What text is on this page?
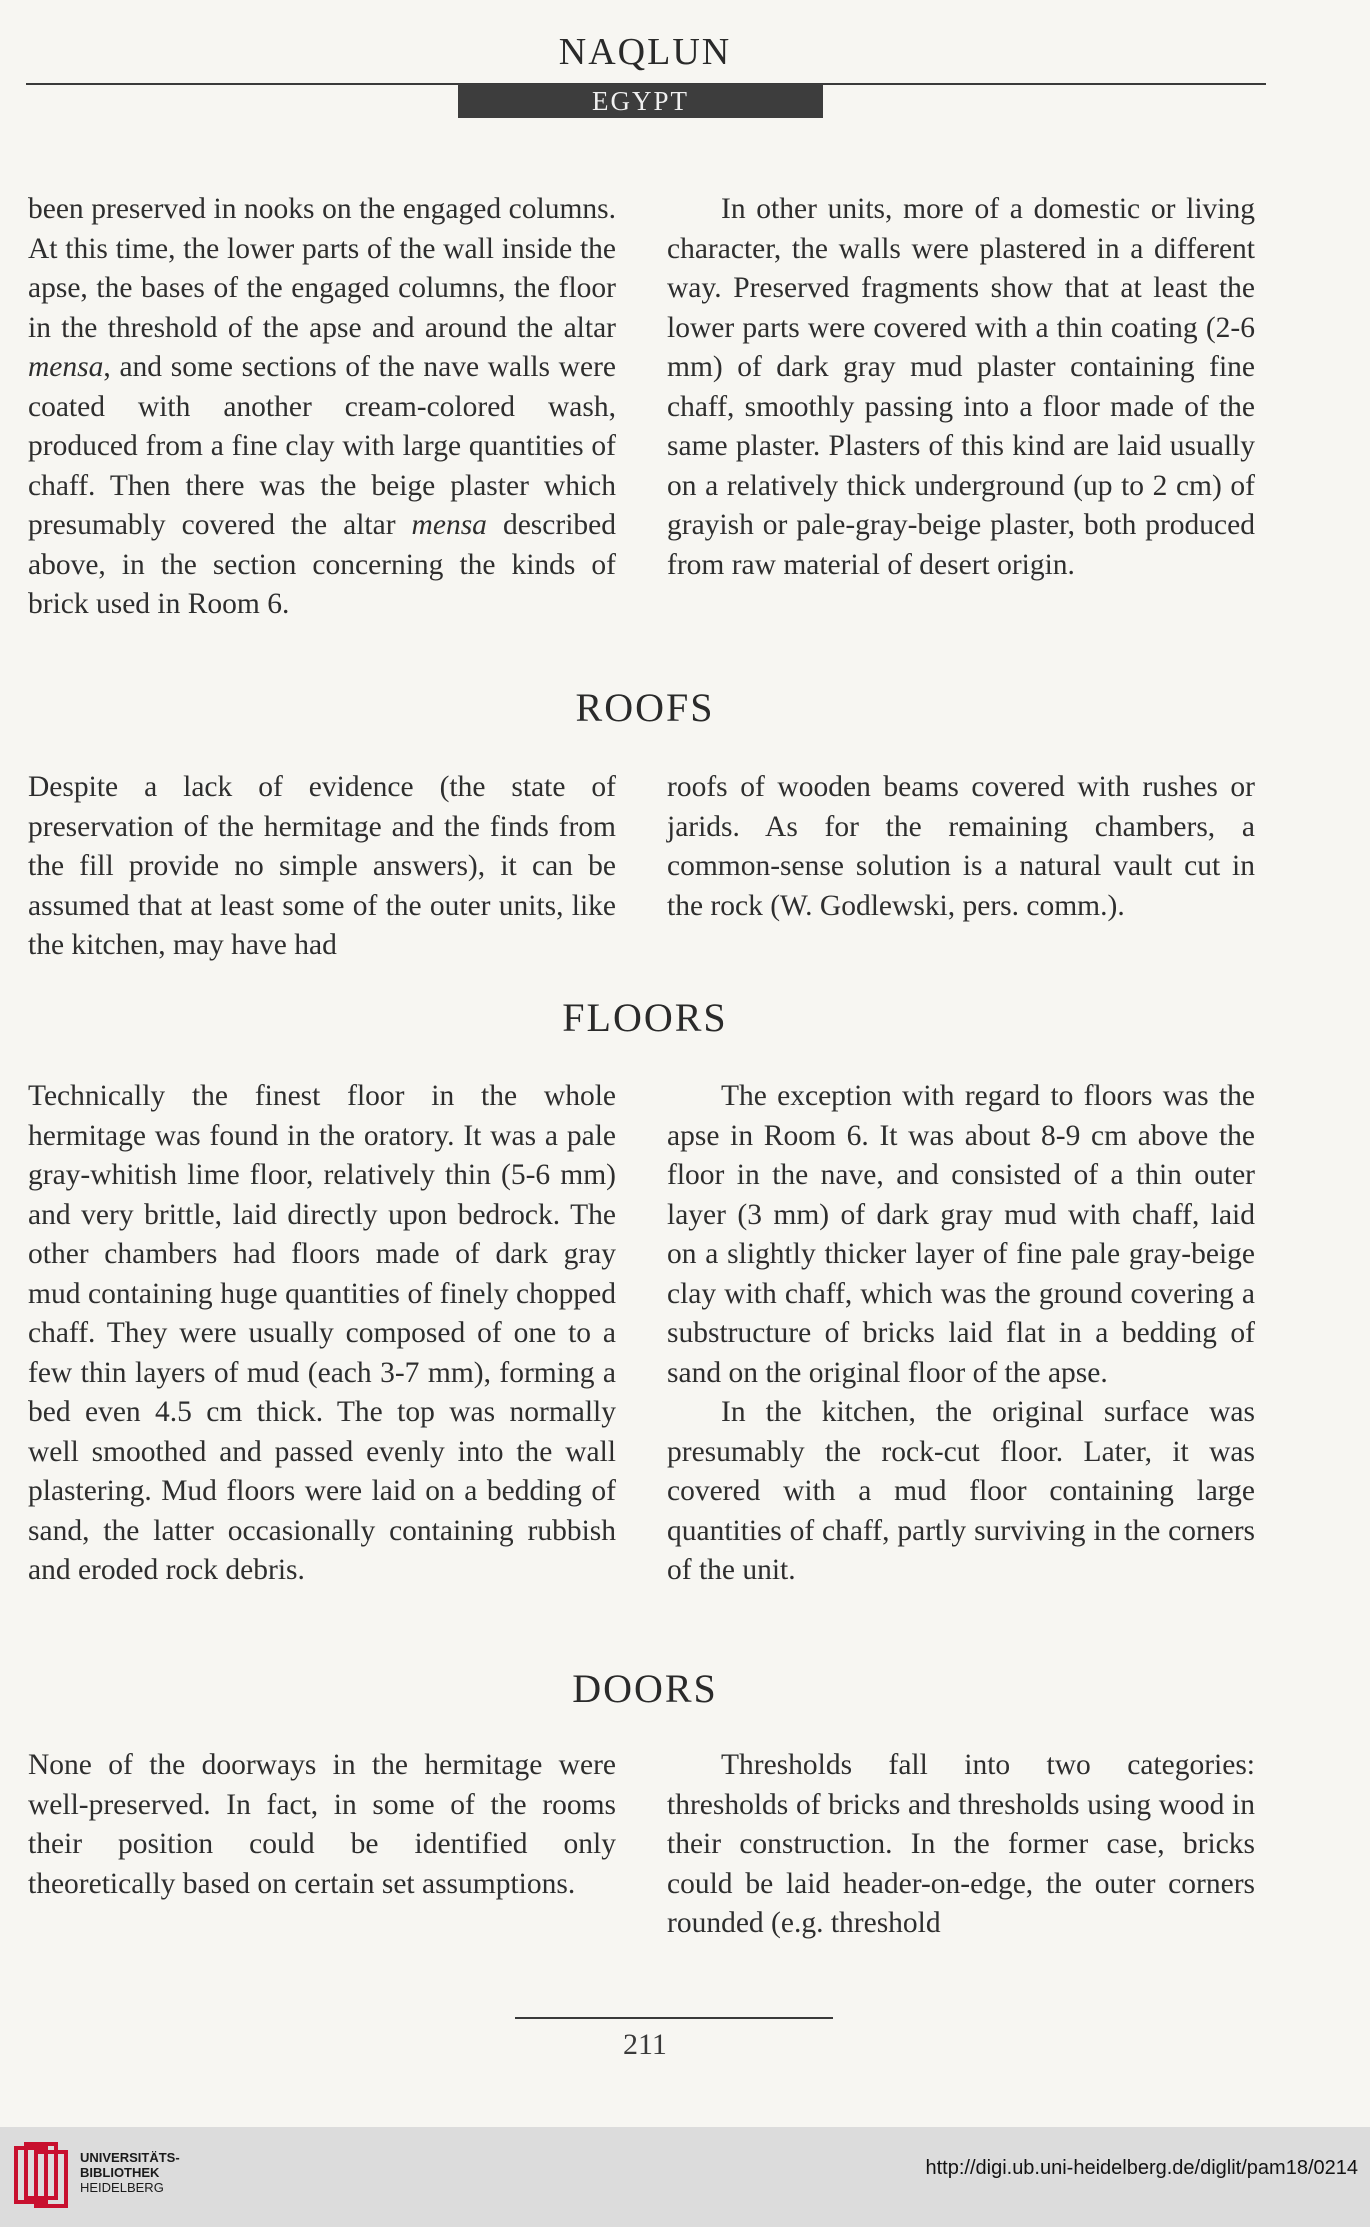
NAQLUN
EGYPT

been preserved in nooks on the engaged columns. At this time, the lower parts of the wall inside the apse, the bases of the engaged columns, the floor in the threshold of the apse and around the altar mensa, and some sections of the nave walls were coated with another cream-colored wash, produced from a fine clay with large quantities of chaff. Then there was the beige plaster which presumably covered the altar mensa described above, in the section concerning the kinds of brick used in Room 6.

In other units, more of a domestic or living character, the walls were plastered in a different way. Preserved fragments show that at least the lower parts were covered with a thin coating (2-6 mm) of dark gray mud plaster containing fine chaff, smoothly passing into a floor made of the same plaster. Plasters of this kind are laid usually on a relatively thick underground (up to 2 cm) of grayish or pale-gray-beige plaster, both produced from raw material of desert origin.

ROOFS

Despite a lack of evidence (the state of preservation of the hermitage and the finds from the fill provide no simple answers), it can be assumed that at least some of the outer units, like the kitchen, may have had

roofs of wooden beams covered with rushes or jarids. As for the remaining chambers, a common-sense solution is a natural vault cut in the rock (W. Godlewski, pers. comm.).

FLOORS

Technically the finest floor in the whole hermitage was found in the oratory. It was a pale gray-whitish lime floor, relatively thin (5-6 mm) and very brittle, laid directly upon bedrock. The other chambers had floors made of dark gray mud containing huge quantities of finely chopped chaff. They were usually composed of one to a few thin layers of mud (each 3-7 mm), forming a bed even 4.5 cm thick. The top was normally well smoothed and passed evenly into the wall plastering. Mud floors were laid on a bedding of sand, the latter occasionally containing rubbish and eroded rock debris.

The exception with regard to floors was the apse in Room 6. It was about 8-9 cm above the floor in the nave, and consisted of a thin outer layer (3 mm) of dark gray mud with chaff, laid on a slightly thicker layer of fine pale gray-beige clay with chaff, which was the ground covering a substructure of bricks laid flat in a bedding of sand on the original floor of the apse.

In the kitchen, the original surface was presumably the rock-cut floor. Later, it was covered with a mud floor containing large quantities of chaff, partly surviving in the corners of the unit.

DOORS

None of the doorways in the hermitage were well-preserved. In fact, in some of the rooms their position could be identified only theoretically based on certain set assumptions.

Thresholds fall into two categories: thresholds of bricks and thresholds using wood in their construction. In the former case, bricks could be laid header-on-edge, the outer corners rounded (e.g. threshold

211
UNIVERSITÄTS-
BIBLIOTHEK
HEIDELBERG
http://digi.ub.uni-heidelberg.de/diglit/pam18/0214
